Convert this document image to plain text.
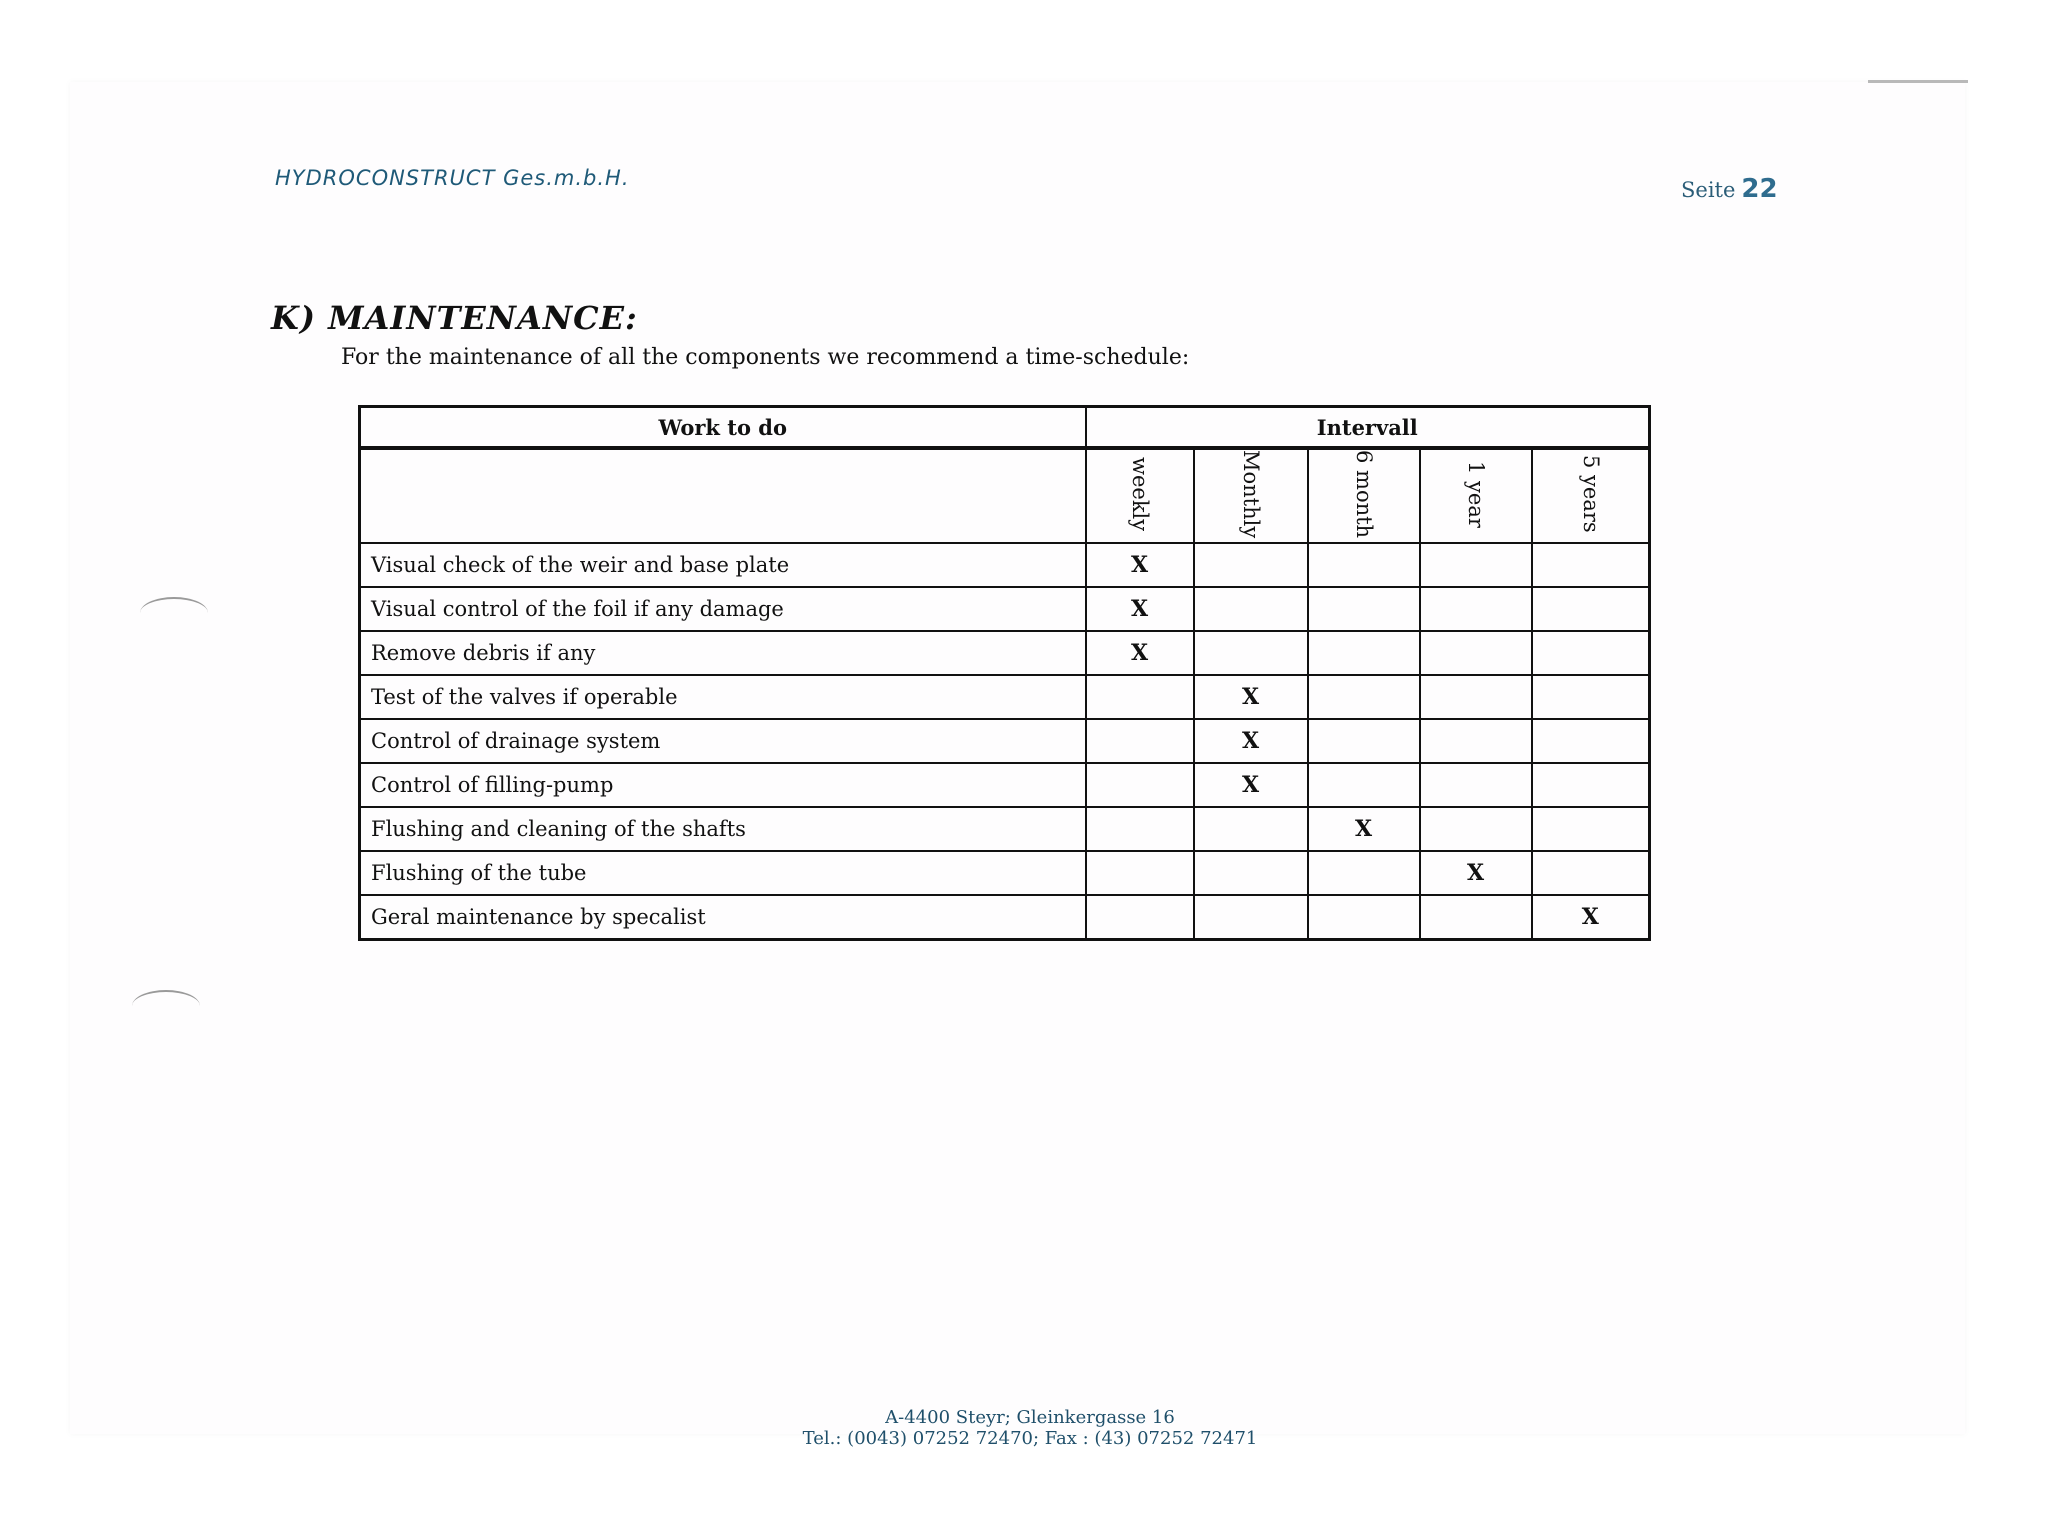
HYDROCONSTRUCT Ges.m.b.H.	Seite 22
K) MAINTENANCE:
For the maintenance of all the components we recommend a time-schedule:
Work to do	Intervall				
	weekly	Monthly	6 month	1 year	5 years
Visual check of the weir and base plate	X				
Visual control of the foil if any damage	X				
Remove debris if any	X				
Test of the valves if operable		X			
Control of drainage system		X			
Control of filling-pump		X			
Flushing and cleaning of the shafts			X		
Flushing of the tube				X	
Geral maintenance by specalist					X
A-4400 Steyr; Gleinkergasse 16
Tel.: (0043) 07252 72470; Fax : (43) 07252 72471
